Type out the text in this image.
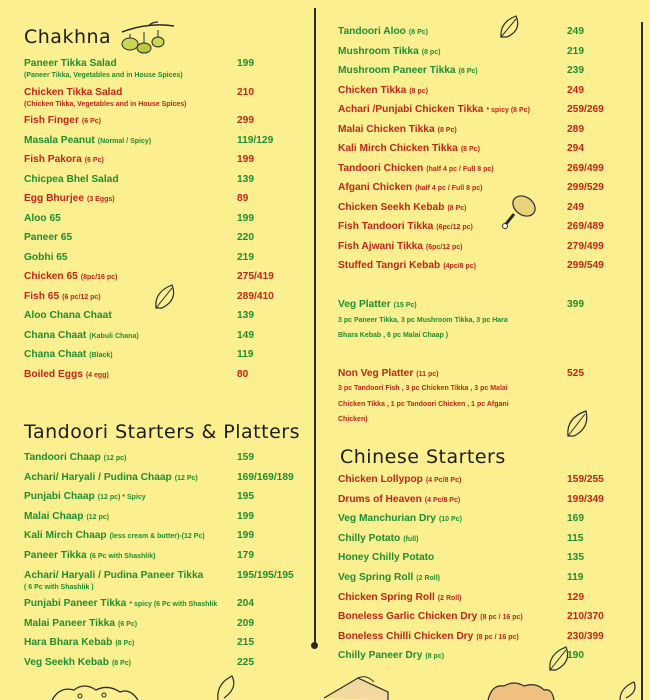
Chakhna
Paneer Tikka Salad	199
(Paneer Tikka, Vegetables and in House Spices)
Chicken Tikka Salad	210
(Chicken Tikka, Vegetables and in House Spices)
Fish Finger (6 Pc)	299
Masala Peanut (Normal / Spicy)	119/129
Fish Pakora (6 Pc)	199
Chicpea Bhel Salad	139
Egg Bhurjee (3 Eggs)	89
Aloo 65	199
Paneer 65	220
Gobhi 65	219
Chicken 65 (8pc/16 pc)	275/419
Fish 65 (6 pc/12 pc)	289/410
Aloo Chana Chaat	139
Chana Chaat (Kabuli Chana)	149
Chana Chaat (Black)	119
Boiled Eggs (4 egg)	80
Tandoori Starters & Platters
Tandoori Chaap (12 pc)	159
Achari/ Haryali / Pudina Chaap (12 Pc)	169/169/189
Punjabi Chaap (12 pc) * Spicy	195
Malai Chaap (12 pc)	199
Kali Mirch Chaap (less cream & butter)-(12 Pc)	199
Paneer Tikka (6 Pc with Shashlik)	179
Achari/ Haryali / Pudina Paneer Tikka	195/195/195
( 6 Pc with Shashlik )
Punjabi Paneer Tikka * spicy (6 Pc with Shashlik 204
Malai Paneer Tikka (6 Pc)	209
Hara Bhara Kebab (8 Pc)	215
Veg Seekh Kebab (8 Pc)	225
Tandoori Aloo (8 Pc)	249
Mushroom Tikka (8 pc)	219
Mushroom Paneer Tikka (8 Pc)	239
Chicken Tikka (8 pc)	249
Achari /Punjabi Chicken Tikka * spicy (8 Pc)	259/269
Malai Chicken Tikka (8 Pc)	289
Kali Mirch Chicken Tikka (8 Pc)	294
Tandoori Chicken (half 4 pc / Full 8 pc)	269/499
Afgani Chicken (half 4 pc / Full 8 pc)	299/529
Chicken Seekh Kebab (8 Pc)	249
Fish Tandoori Tikka (6pc/12 pc)	269/489
Fish Ajwani Tikka (6pc/12 pc)	279/499
Stuffed Tangri Kebab (4pc/8 pc)	299/549
Veg Platter (15 Pc)	399
3 pc Paneer Tikka, 3 pc Mushroom Tikka, 3 pc Hara
Bhara Kebab , 6 pc Malai Chaap )
Non Veg Platter (11 pc)	525
3 pc Tandoori Fish , 3 pc Chicken Tikka , 3 pc Malai
Chicken Tikka , 1 pc Tandoori Chicken , 1 pc Afgani
Chicken)
Chinese Starters
Chicken Lollypop (4 Pc/8 Pc)	159/255
Drums of Heaven (4 Pc/8 Pc)	199/349
Veg Manchurian Dry (10 Pc)	169
Chilly Potato (full)	115
Honey Chilly Potato	135
Veg Spring Roll (2 Roll)	119
Chicken Spring Roll (2 Roll)	129
Boneless Garlic Chicken Dry (8 pc / 16 pc)	210/370
Boneless Chilli Chicken Dry (8 pc / 16 pc)	230/399
Chilly Paneer Dry (8 pc)	190
